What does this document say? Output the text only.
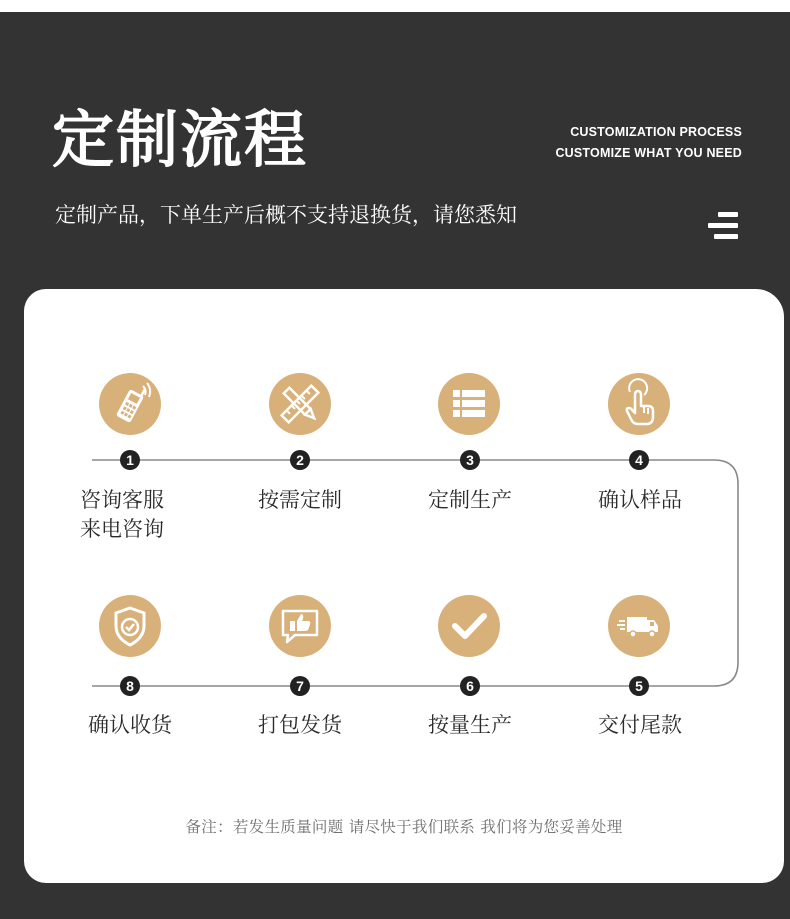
定制流程	CUSTOMIZATION PROCESS
CUSTOMIZE WHAT YOU NEED
定制产品，下单生产后概不支持退换货，请您悉知
1	2	3	4
咨询客服
来电咨询
按需定制	定制生产	确认样品
8	7	6	5
确认收货	打包发货	按量生产	交付尾款
备注：若发生质量问题 请尽快于我们联系 我们将为您妥善处理
